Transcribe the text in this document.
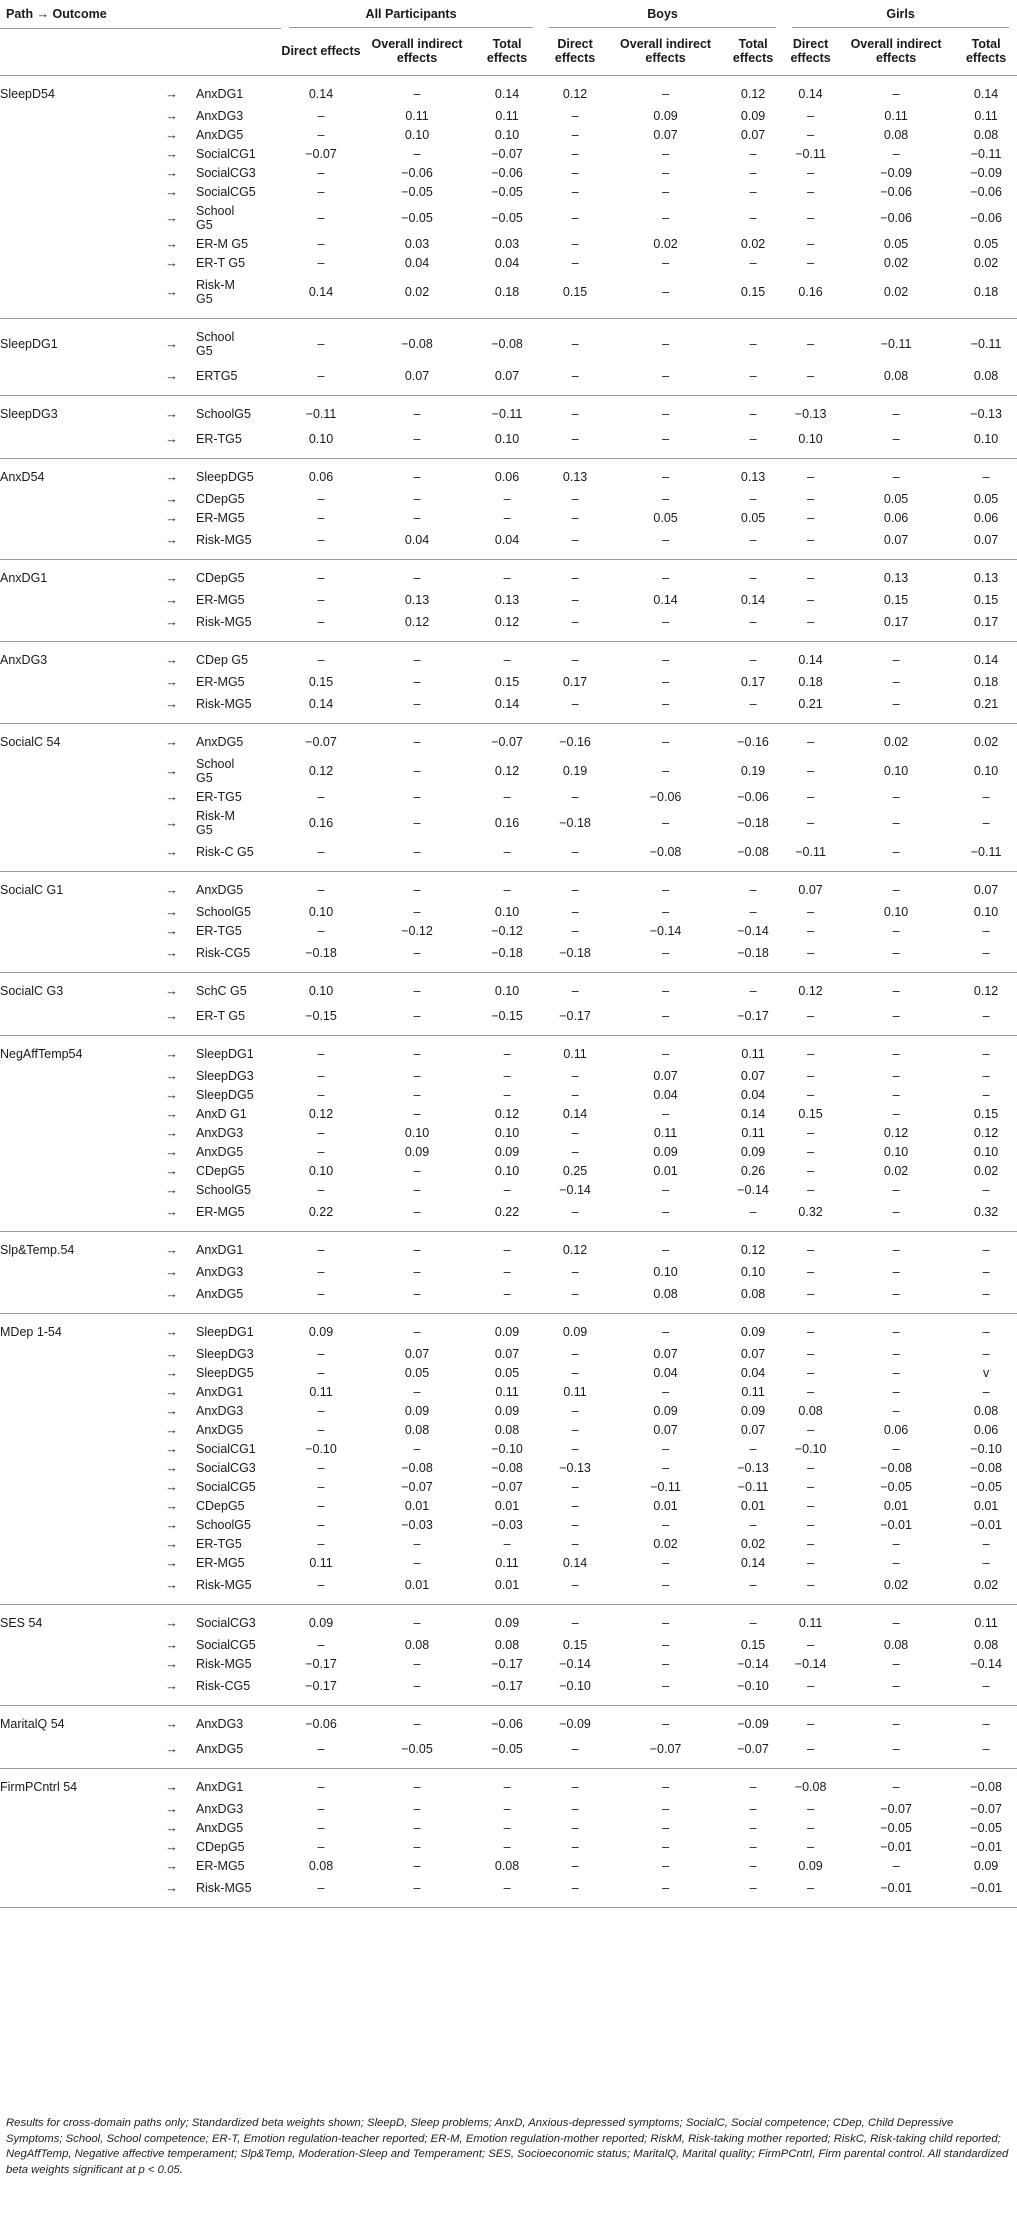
Path → Outcome			All Participants			Boys			Girls		

			Direct effects	Overall indirect effects	Total effects	Direct effects	Overall indirect effects	Total effects	Direct effects	Overall indirect effects	Total effects
SleepD54	→	AnxDG1	0.14	–	0.14	0.12	–	0.12	0.14	–	0.14
	→	AnxDG3	–	0.11	0.11	–	0.09	0.09	–	0.11	0.11
	→	AnxDG5	–	0.10	0.10	–	0.07	0.07	–	0.08	0.08
	→	SocialCG1	−0.07	–	−0.07	–	–	–	−0.11	–	−0.11
	→	SocialCG3	–	−0.06	−0.06	–	–	–	–	−0.09	−0.09
	→	SocialCG5	–	−0.05	−0.05	–	–	–	–	−0.06	−0.06
	→	School G5	–	−0.05	−0.05	–	–	–	–	−0.06	−0.06
	→	ER-M G5	–	0.03	0.03	–	0.02	0.02	–	0.05	0.05
	→	ER-T G5	–	0.04	0.04	–	–	–	–	0.02	0.02
	→	Risk-M G5	0.14	0.02	0.18	0.15	–	0.15	0.16	0.02	0.18
SleepDG1	→	School G5	–	−0.08	−0.08	–	–	–	–	−0.11	−0.11
	→	ERTG5	–	0.07	0.07	–	–	–	–	0.08	0.08
SleepDG3	→	SchoolG5	−0.11	–	−0.11	–	–	–	−0.13	–	−0.13
	→	ER-TG5	0.10	–	0.10	–	–	–	0.10	–	0.10
AnxD54	→	SleepDG5	0.06	–	0.06	0.13	–	0.13	–	–	–
	→	CDepG5	–	–	–	–	–	–	–	0.05	0.05
	→	ER-MG5	–	–	–	–	0.05	0.05	–	0.06	0.06
	→	Risk-MG5	–	0.04	0.04	–	–	–	–	0.07	0.07
AnxDG1	→	CDepG5	–	–	–	–	–	–	–	0.13	0.13
	→	ER-MG5	–	0.13	0.13	–	0.14	0.14	–	0.15	0.15
	→	Risk-MG5	–	0.12	0.12	–	–	–	–	0.17	0.17
AnxDG3	→	CDep G5	–	–	–	–	–	–	0.14	–	0.14
	→	ER-MG5	0.15	–	0.15	0.17	–	0.17	0.18	–	0.18
	→	Risk-MG5	0.14	–	0.14	–	–	–	0.21	–	0.21
SocialC 54	→	AnxDG5	−0.07	–	−0.07	−0.16	–	−0.16	–	0.02	0.02
	→	School G5	0.12	–	0.12	0.19	–	0.19	–	0.10	0.10
	→	ER-TG5	–	–	–	–	−0.06	−0.06	–	–	–
	→	Risk-M G5	0.16	–	0.16	−0.18	–	−0.18	–	–	–
	→	Risk-C G5	–	–	–	–	−0.08	−0.08	−0.11	–	−0.11
SocialC G1	→	AnxDG5	–	–	–	–	–	–	0.07	–	0.07
	→	SchoolG5	0.10	–	0.10	–	–	–	–	0.10	0.10
	→	ER-TG5	–	−0.12	−0.12	–	−0.14	−0.14	–	–	–
	→	Risk-CG5	−0.18	–	−0.18	−0.18	–	−0.18	–	–	–
SocialC G3	→	SchC G5	0.10	–	0.10	–	–	–	0.12	–	0.12
	→	ER-T G5	−0.15	–	−0.15	−0.17	–	−0.17	–	–	–
NegAffTemp54	→	SleepDG1	–	–	–	0.11	–	0.11	–	–	–
	→	SleepDG3	–	–	–	–	0.07	0.07	–	–	–
	→	SleepDG5	–	–	–	–	0.04	0.04	–	–	–
	→	AnxD G1	0.12	–	0.12	0.14	–	0.14	0.15	–	0.15
	→	AnxDG3	–	0.10	0.10	–	0.11	0.11	–	0.12	0.12
	→	AnxDG5	–	0.09	0.09	–	0.09	0.09	–	0.10	0.10
	→	CDepG5	0.10	–	0.10	0.25	0.01	0.26	–	0.02	0.02
	→	SchoolG5	–	–	–	−0.14	–	−0.14	–	–	–
	→	ER-MG5	0.22	–	0.22	–	–	–	0.32	–	0.32
Slp&Temp.54	→	AnxDG1	–	–	–	0.12	–	0.12	–	–	–
	→	AnxDG3	–	–	–	–	0.10	0.10	–	–	–
	→	AnxDG5	–	–	–	–	0.08	0.08	–	–	–
MDep 1-54	→	SleepDG1	0.09	–	0.09	0.09	–	0.09	–	–	–
	→	SleepDG3	–	0.07	0.07	–	0.07	0.07	–	–	–
	→	SleepDG5	–	0.05	0.05	–	0.04	0.04	–	–	v
	→	AnxDG1	0.11	–	0.11	0.11	–	0.11	–	–	–
	→	AnxDG3	–	0.09	0.09	–	0.09	0.09	0.08	–	0.08
	→	AnxDG5	–	0.08	0.08	–	0.07	0.07	–	0.06	0.06
	→	SocialCG1	−0.10	–	−0.10	–	–	–	−0.10	–	−0.10
	→	SocialCG3	–	−0.08	−0.08	−0.13	–	−0.13	–	−0.08	−0.08
	→	SocialCG5	–	−0.07	−0.07	–	−0.11	−0.11	–	−0.05	−0.05
	→	CDepG5	–	0.01	0.01	–	0.01	0.01	–	0.01	0.01
	→	SchoolG5	–	−0.03	−0.03	–	–	–	–	−0.01	−0.01
	→	ER-TG5	–	–	–	–	0.02	0.02	–	–	–
	→	ER-MG5	0.11	–	0.11	0.14	–	0.14	–	–	–
	→	Risk-MG5	–	0.01	0.01	–	–	–	–	0.02	0.02
SES 54	→	SocialCG3	0.09	–	0.09	–	–	–	0.11	–	0.11
	→	SocialCG5	–	0.08	0.08	0.15	–	0.15	–	0.08	0.08
	→	Risk-MG5	−0.17	–	−0.17	−0.14	–	−0.14	−0.14	–	−0.14
	→	Risk-CG5	−0.17	–	−0.17	−0.10	–	−0.10	–	–	–
MaritalQ 54	→	AnxDG3	−0.06	–	−0.06	−0.09	–	−0.09	–	–	–
	→	AnxDG5	–	−0.05	−0.05	–	−0.07	−0.07	–	–	–
FirmPCntrl 54	→	AnxDG1	–	–	–	–	–	–	−0.08	–	−0.08
	→	AnxDG3	–	–	–	–	–	–	–	−0.07	−0.07
	→	AnxDG5	–	–	–	–	–	–	–	−0.05	−0.05
	→	CDepG5	–	–	–	–	–	–	–	−0.01	−0.01
	→	ER-MG5	0.08	–	0.08	–	–	–	0.09	–	0.09
	→	Risk-MG5	–	–	–	–	–	–	–	−0.01	−0.01
Results for cross-domain paths only; Standardized beta weights shown; SleepD, Sleep problems; AnxD, Anxious-depressed symptoms; SocialC, Social competence; CDep, Child Depressive Symptoms; School, School competence; ER-T, Emotion regulation-teacher reported; ER-M, Emotion regulation-mother reported; RiskM, Risk-taking mother reported; RiskC, Risk-taking child reported; NegAffTemp, Negative affective temperament; Slp&Temp, Moderation-Sleep and Temperament; SES, Socioeconomic status; MaritalQ, Marital quality; FirmPCntrl, Firm parental control. All standardized beta weights significant at p < 0.05.
